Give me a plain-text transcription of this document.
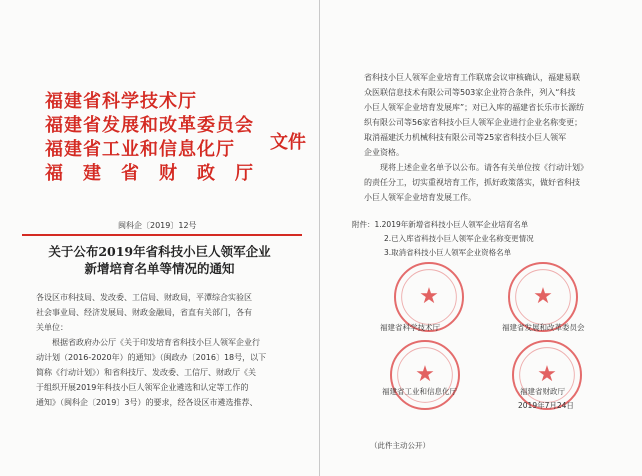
福建省科学技术厅
福建省发展和改革委员会
福建省工业和信息化厅
福　建　省　财　政　厅
文件
闽科企〔2019〕12号
关于公布2019年省科技小巨人领军企业
新增培育名单等情况的通知
各设区市科技局、发改委、工信局、财政局，平潭综合实验区
社会事业局、经济发展局、财政金融局，省直有关部门，各有
关单位：
根据省政府办公厅《关于印发培育省科技小巨人领军企业行
动计划（2016-2020年）的通知》（闽政办〔2016〕18号，以下
简称《行动计划》）和省科技厅、发改委、工信厅、财政厅《关
于组织开展2019年科技小巨人领军企业遴选和认定等工作的
通知》（闽科企〔2019〕3号）的要求，经各设区市遴选推荐、
省科技小巨人领军企业培育工作联席会议审核确认，福建易联
众医联信息技术有限公司等503家企业符合条件，列入“科技
小巨人领军企业培育发展库”；对已入库的福建省长乐市长源纺
织有限公司等56家省科技小巨人领军企业进行企业名称变更；
取消福建沃力机械科技有限公司等25家省科技小巨人领军
企业资格。
现将上述企业名单予以公布。请各有关单位按《行动计划》
的责任分工，切实重视培育工作，抓好政策落实，做好省科技
小巨人领军企业培育发展工作。
附件：1.2019年新增省科技小巨人领军企业培育名单
2.已入库省科技小巨人领军企业名称变更情况
3.取消省科技小巨人领军企业资格名单
★	★
★	★
福建省科学技术厅	福建省发展和改革委员会
福建省工业和信息化厅	福建省财政厅
2019年7月24日
（此件主动公开）
